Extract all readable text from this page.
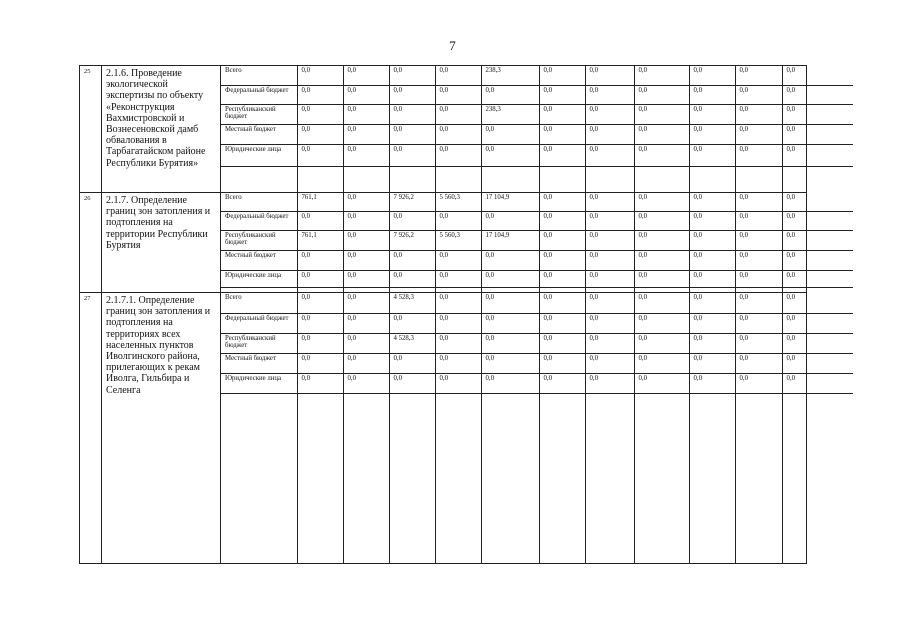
7
25	2.1.6. Проведение экологической экспертизы по объекту «Реконструкция Вахмистровской и Вознесеновской дамб обвалования в Тарбагатайском районе Республики Бурятия»	
Всего	0,0	0,0	0,0	0,0	238,3	0,0	0,0	0,0	0,0	0,0	0,0
Федеральный бюджет	0,0	0,0	0,0	0,0	0,0	0,0	0,0	0,0	0,0	0,0	0,0
Республиканский бюджет	0,0	0,0	0,0	0,0	238,3	0,0	0,0	0,0	0,0	0,0	0,0
Местный бюджет	0,0	0,0	0,0	0,0	0,0	0,0	0,0	0,0	0,0	0,0	0,0
Юридические лица	0,0	0,0	0,0	0,0	0,0	0,0	0,0	0,0	0,0	0,0	0,0

26	2.1.7. Определение границ зон затопления и подтопления на территории Республики Бурятия	
Всего	761,1	0,0	7 926,2	5 560,3	17 104,9	0,0	0,0	0,0	0,0	0,0	0,0
Федеральный бюджет	0,0	0,0	0,0	0,0	0,0	0,0	0,0	0,0	0,0	0,0	0,0
Республиканский бюджет	761,1	0,0	7 926,2	5 560,3	17 104,9	0,0	0,0	0,0	0,0	0,0	0,0
Местный бюджет	0,0	0,0	0,0	0,0	0,0	0,0	0,0	0,0	0,0	0,0	0,0
Юридические лица	0,0	0,0	0,0	0,0	0,0	0,0	0,0	0,0	0,0	0,0	0,0

27	2.1.7.1. Определение границ зон затопления и подтопления на территориях всех населенных пунктов Иволгинского района, прилегающих к рекам Иволга, Гильбира и Селенга	
Всего	0,0	0,0	4 528,3	0,0	0,0	0,0	0,0	0,0	0,0	0,0	0,0
Федеральный бюджет	0,0	0,0	0,0	0,0	0,0	0,0	0,0	0,0	0,0	0,0	0,0
Республиканский бюджет	0,0	0,0	4 528,3	0,0	0,0	0,0	0,0	0,0	0,0	0,0	0,0
Местный бюджет	0,0	0,0	0,0	0,0	0,0	0,0	0,0	0,0	0,0	0,0	0,0
Юридические лица	0,0	0,0	0,0	0,0	0,0	0,0	0,0	0,0	0,0	0,0	0,0
